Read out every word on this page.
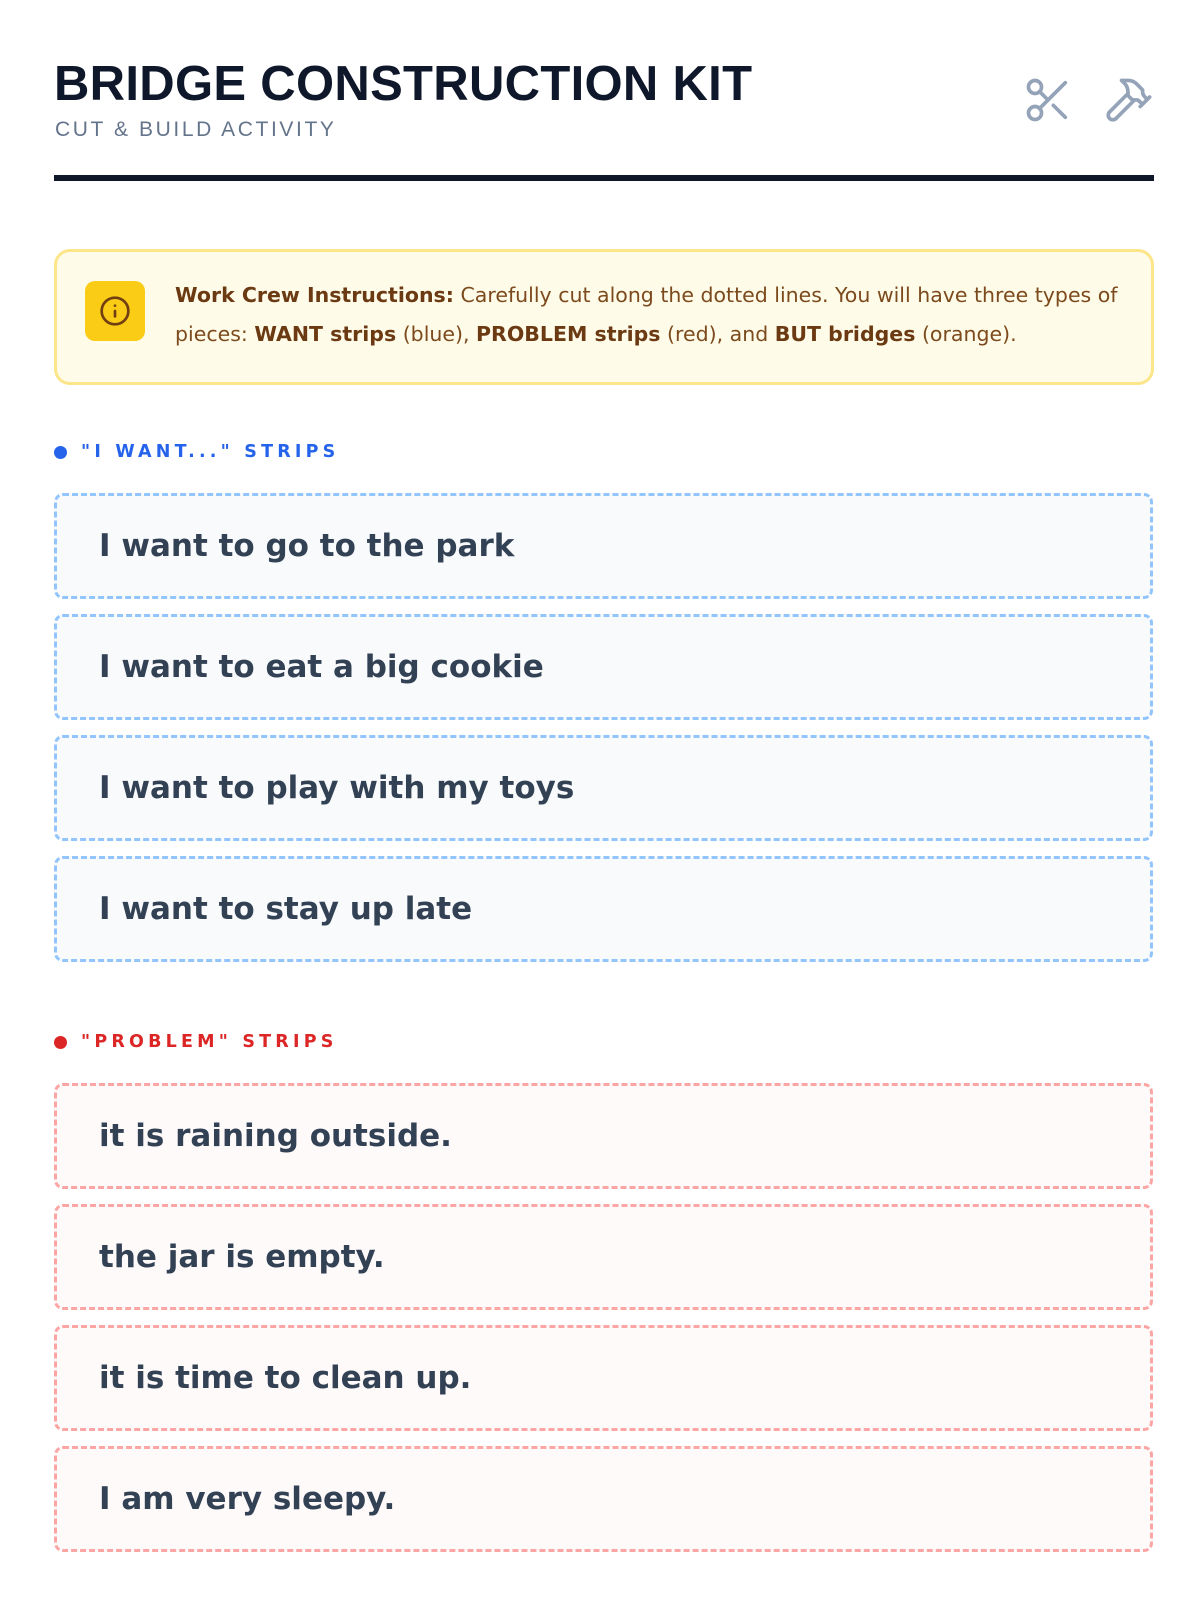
BRIDGE CONSTRUCTION KIT

CUT & BUILD ACTIVITY

Work Crew Instructions: Carefully cut along the dotted lines. You will have three types of pieces: WANT strips (blue), PROBLEM strips (red), and BUT bridges (orange).

"I WANT..." STRIPS
I want to go to the park
I want to eat a big cookie
I want to play with my toys
I want to stay up late
"PROBLEM" STRIPS
it is raining outside.
the jar is empty.
it is time to clean up.
I am very sleepy.
